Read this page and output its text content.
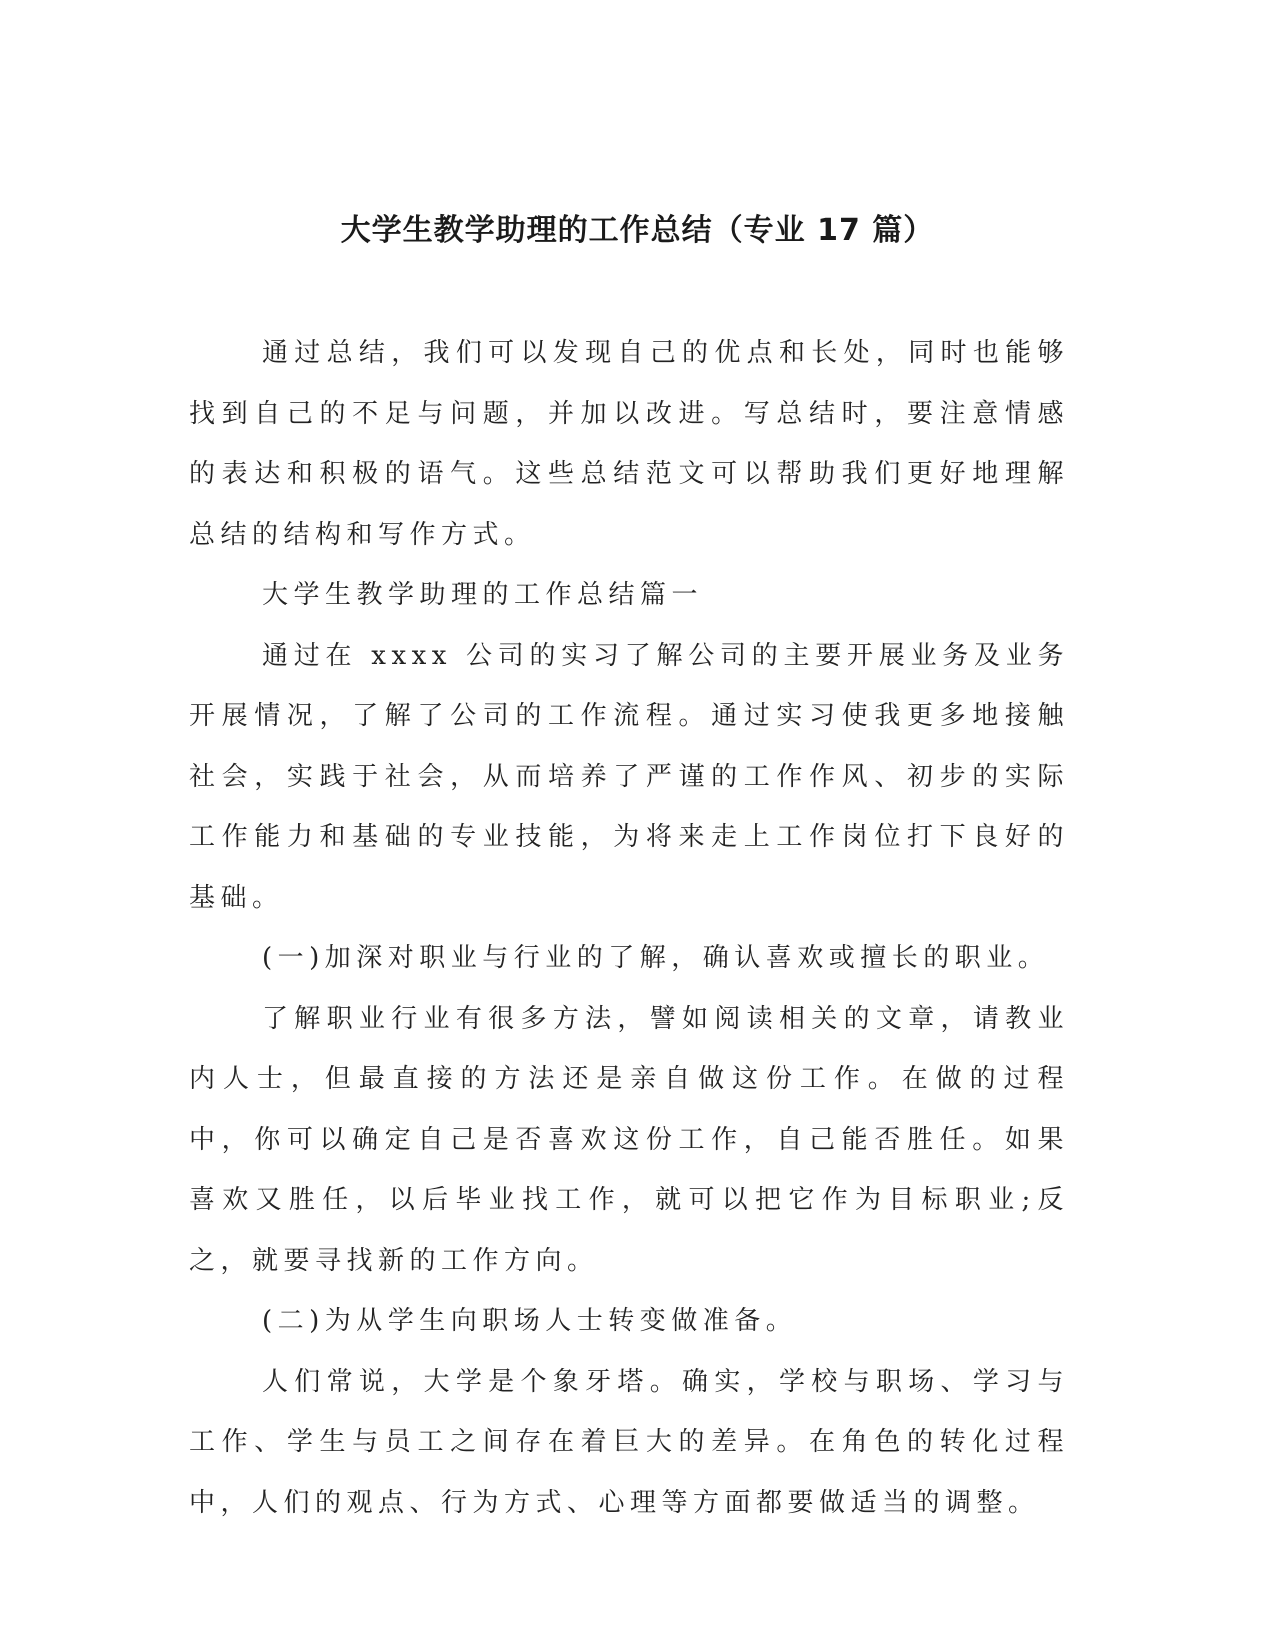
大学生教学助理的工作总结（专业 17 篇）

通过总结，我们可以发现自己的优点和长处，同时也能够找到自己的不足与问题，并加以改进。写总结时，要注意情感的表达和积极的语气。这些总结范文可以帮助我们更好地理解总结的结构和写作方式。

大学生教学助理的工作总结篇一

通过在 xxxx 公司的实习了解公司的主要开展业务及业务开展情况，了解了公司的工作流程。通过实习使我更多地接触社会，实践于社会，从而培养了严谨的工作作风、初步的实际工作能力和基础的专业技能，为将来走上工作岗位打下良好的基础。

(一)加深对职业与行业的了解，确认喜欢或擅长的职业。

了解职业行业有很多方法，譬如阅读相关的文章，请教业内人士，但最直接的方法还是亲自做这份工作。在做的过程中，你可以确定自己是否喜欢这份工作，自己能否胜任。如果喜欢又胜任，以后毕业找工作，就可以把它作为目标职业;反之，就要寻找新的工作方向。

(二)为从学生向职场人士转变做准备。

人们常说，大学是个象牙塔。确实，学校与职场、学习与工作、学生与员工之间存在着巨大的差异。在角色的转化过程中，人们的观点、行为方式、心理等方面都要做适当的调整。
